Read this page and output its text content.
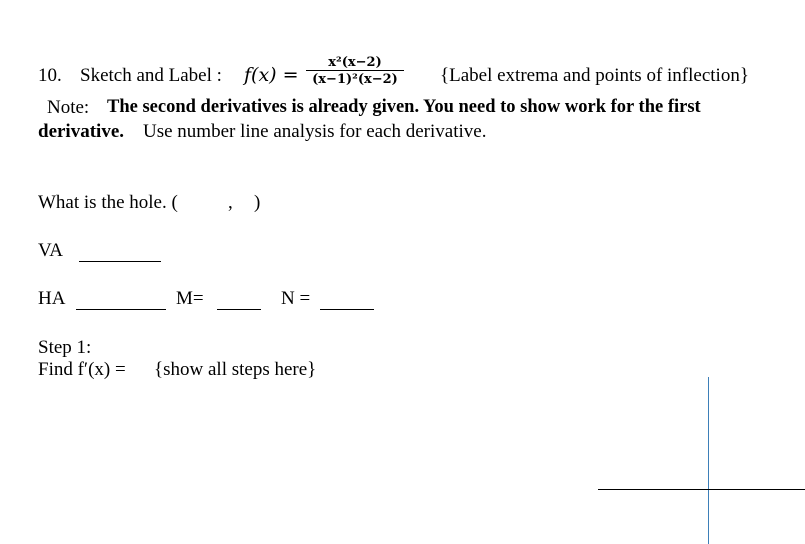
10. Sketch and Label : $f(x) = \frac{\text{x²(x−2)}}{\text{(x−1)²(x−2)}}$ {Label extrema and points of inflection}
Note: The second derivatives is already given. You need to show work for the first
derivative. Use number line analysis for each derivative.
What is the hole. (	, )
VA
HA	M=	N =
Step 1:
Find f′(x) = {show all steps here}
